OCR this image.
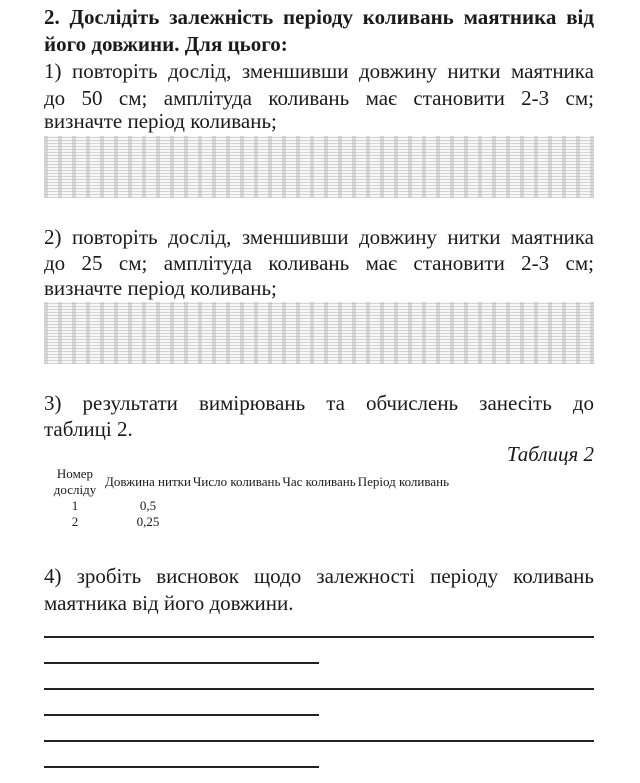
2. Дослідіть залежність періоду коливань маятника від
його довжини. Для цього:
1) повторіть дослід, зменшивши довжину нитки маятника
до 50 см; амплітуда коливань має становити 2-3 см;
визначте період коливань;
2) повторіть дослід, зменшивши довжину нитки маятника
до 25 см; амплітуда коливань має становити 2-3 см;
визначте період коливань;
3) результати вимірювань та обчислень занесіть до
таблиці 2.
Таблиця 2
Номер
досліду	Довжина нитки	Число коливань	Час коливань	Період коливань
1	0,5			
2	0,25			
4) зробіть висновок щодо залежності періоду коливань
маятника від його довжини.
